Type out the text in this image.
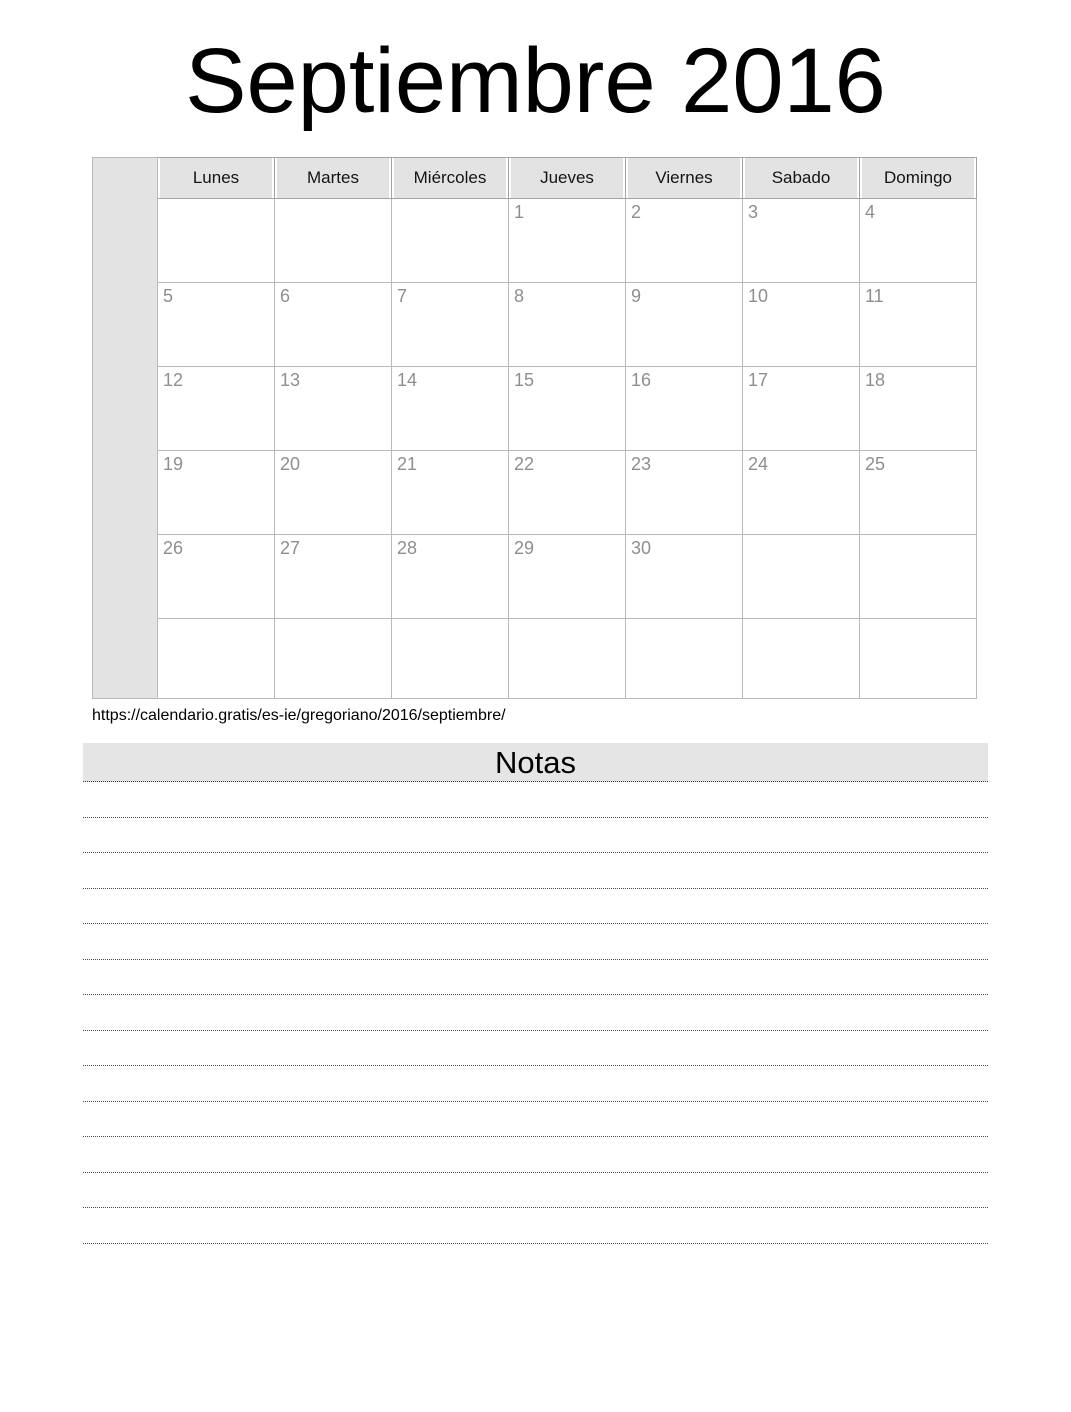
Septiembre 2016
	Lunes	Martes	Miércoles	Jueves	Viernes	Sabado	Domingo
				1	2	3	4
	5	6	7	8	9	10	11
	12	13	14	15	16	17	18
	19	20	21	22	23	24	25
	26	27	28	29	30		

https://calendario.gratis/es-ie/gregoriano/2016/septiembre/
Notas
